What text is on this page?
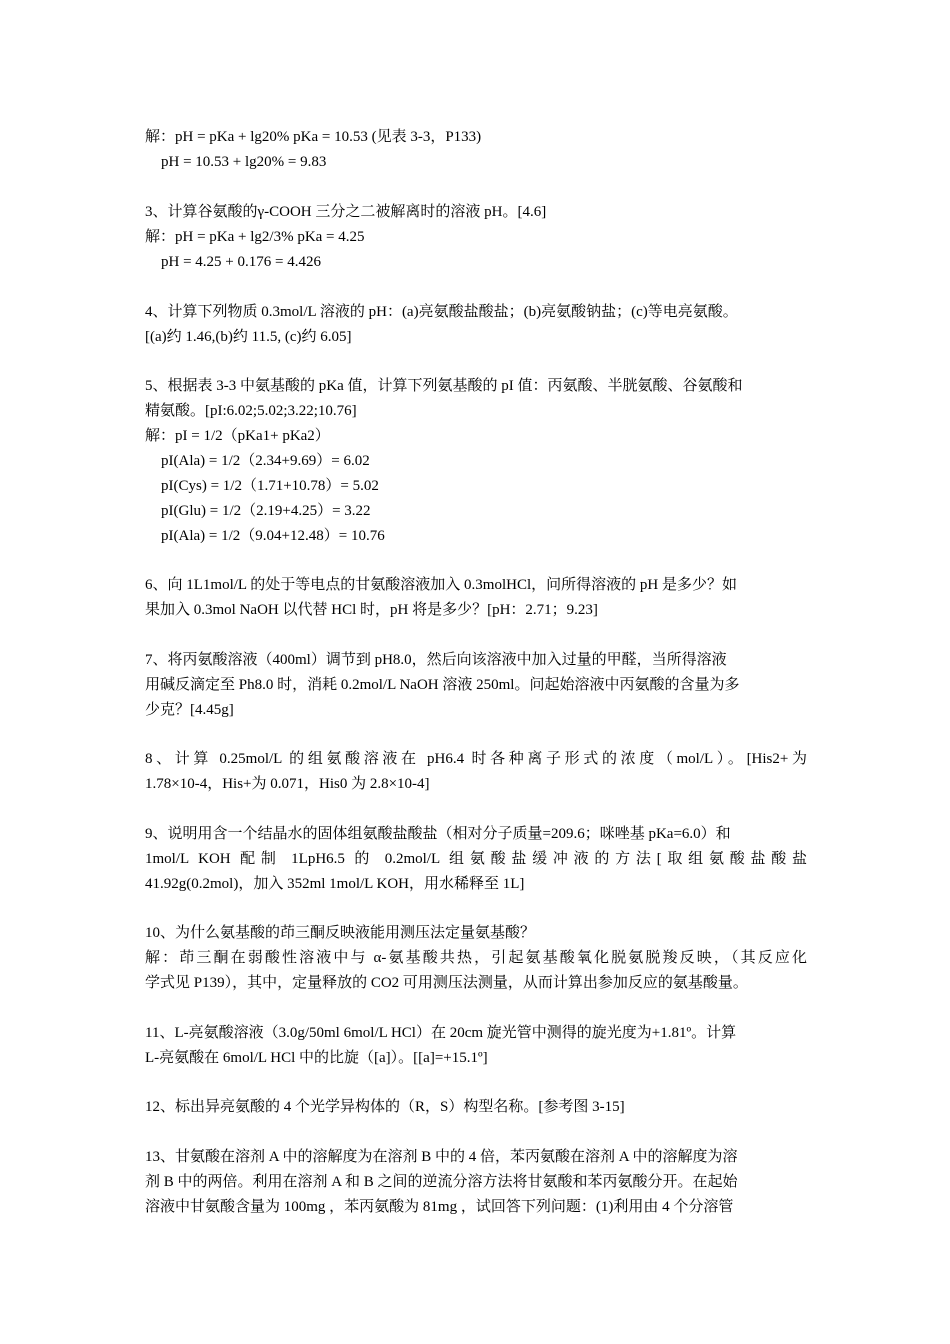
解：pH = pKa + lg20% pKa = 10.53 (见表 3-3，P133)
pH = 10.53 + lg20% = 9.83
3、计算谷氨酸的γ-COOH 三分之二被解离时的溶液 pH。[4.6]
解：pH = pKa + lg2/3% pKa = 4.25
pH = 4.25 + 0.176 = 4.426
4、计算下列物质 0.3mol/L 溶液的 pH：(a)亮氨酸盐酸盐；(b)亮氨酸钠盐；(c)等电亮氨酸。
[(a)约 1.46,(b)约 11.5, (c)约 6.05]
5、根据表 3-3 中氨基酸的 pKa 值，计算下列氨基酸的 pI 值：丙氨酸、半胱氨酸、谷氨酸和
精氨酸。[pI:6.02;5.02;3.22;10.76]
解：pI = 1/2（pKa1+ pKa2）
pI(Ala) = 1/2（2.34+9.69）= 6.02
pI(Cys) = 1/2（1.71+10.78）= 5.02
pI(Glu) = 1/2（2.19+4.25）= 3.22
pI(Ala) = 1/2（9.04+12.48）= 10.76
6、向 1L1mol/L 的处于等电点的甘氨酸溶液加入 0.3molHCl，问所得溶液的 pH 是多少？如
果加入 0.3mol NaOH 以代替 HCl 时，pH 将是多少？[pH：2.71；9.23]
7、将丙氨酸溶液（400ml）调节到 pH8.0，然后向该溶液中加入过量的甲醛，当所得溶液
用碱反滴定至 Ph8.0 时，消耗 0.2mol/L NaOH 溶液 250ml。问起始溶液中丙氨酸的含量为多
少克？[4.45g]
8、计算 0.25mol/L 的组氨酸溶液在 pH6.4 时各种离子形式的浓度（mol/L）。[His2+为
1.78×10-4，His+为 0.071，His0 为 2.8×10-4]
9、说明用含一个结晶水的固体组氨酸盐酸盐（相对分子质量=209.6；咪唑基 pKa=6.0）和
1mol/L KOH 配制 1LpH6.5 的 0.2mol/L 组氨酸盐缓冲液的方法[取组氨酸盐酸盐
41.92g(0.2mol)，加入 352ml 1mol/L KOH，用水稀释至 1L]
10、为什么氨基酸的茚三酮反映液能用测压法定量氨基酸？
解：茚三酮在弱酸性溶液中与 α-氨基酸共热，引起氨基酸氧化脱氨脱羧反映，（其反应化
学式见 P139），其中，定量释放的 CO2 可用测压法测量，从而计算出参加反应的氨基酸量。
11、L-亮氨酸溶液（3.0g/50ml 6mol/L HCl）在 20cm 旋光管中测得的旋光度为+1.81º。计算
L-亮氨酸在 6mol/L HCl 中的比旋（[a]）。[[a]=+15.1º]
12、标出异亮氨酸的 4 个光学异构体的（R，S）构型名称。[参考图 3-15]
13、甘氨酸在溶剂 A 中的溶解度为在溶剂 B 中的 4 倍，苯丙氨酸在溶剂 A 中的溶解度为溶
剂 B 中的两倍。利用在溶剂 A 和 B 之间的逆流分溶方法将甘氨酸和苯丙氨酸分开。在起始
溶液中甘氨酸含量为 100mg ，苯丙氨酸为 81mg ，试回答下列问题：(1)利用由 4 个分溶管
